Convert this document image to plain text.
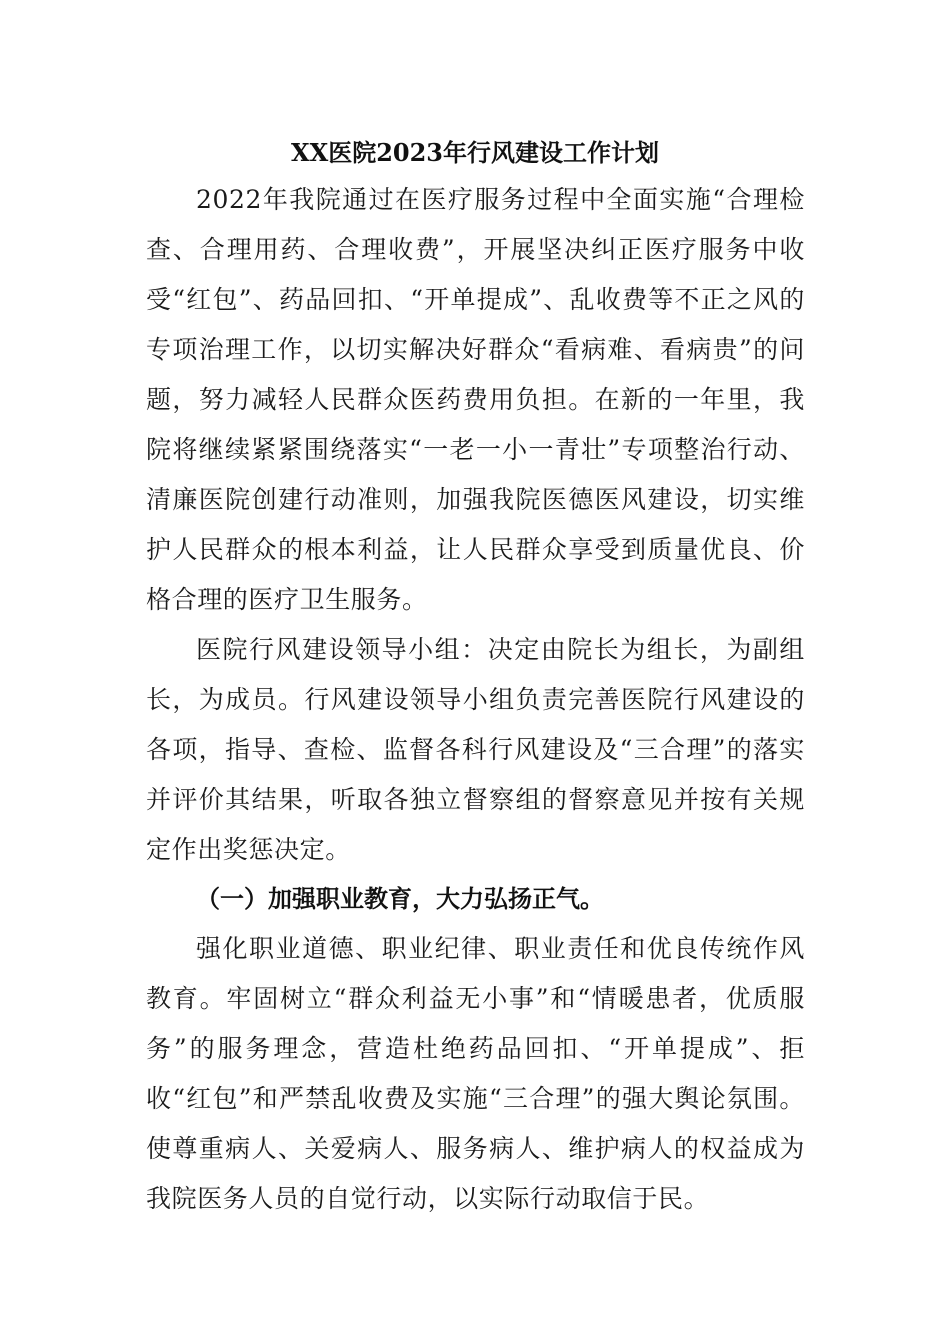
XX医院2023年行风建设工作计划

2022年我院通过在医疗服务过程中全面实施“合理检查、合理用药、合理收费”，开展坚决纠正医疗服务中收受“红包”、药品回扣、“开单提成”、乱收费等不正之风的专项治理工作，以切实解决好群众“看病难、看病贵”的问题，努力减轻人民群众医药费用负担。在新的一年里，我院将继续紧紧围绕落实“一老一小一青壮”专项整治行动、清廉医院创建行动准则，加强我院医德医风建设，切实维护人民群众的根本利益，让人民群众享受到质量优良、价格合理的医疗卫生服务。

医院行风建设领导小组：决定由院长为组长，为副组长，为成员。行风建设领导小组负责完善医院行风建设的各项，指导、查检、监督各科行风建设及“三合理”的落实并评价其结果，听取各独立督察组的督察意见并按有关规定作出奖惩决定。

（一）加强职业教育，大力弘扬正气。

强化职业道德、职业纪律、职业责任和优良传统作风教育。牢固树立“群众利益无小事”和“情暖患者，优质服务”的服务理念，营造杜绝药品回扣、“开单提成”、拒收“红包”和严禁乱收费及实施“三合理”的强大舆论氛围。使尊重病人、关爱病人、服务病人、维护病人的权益成为我院医务人员的自觉行动，以实际行动取信于民。
